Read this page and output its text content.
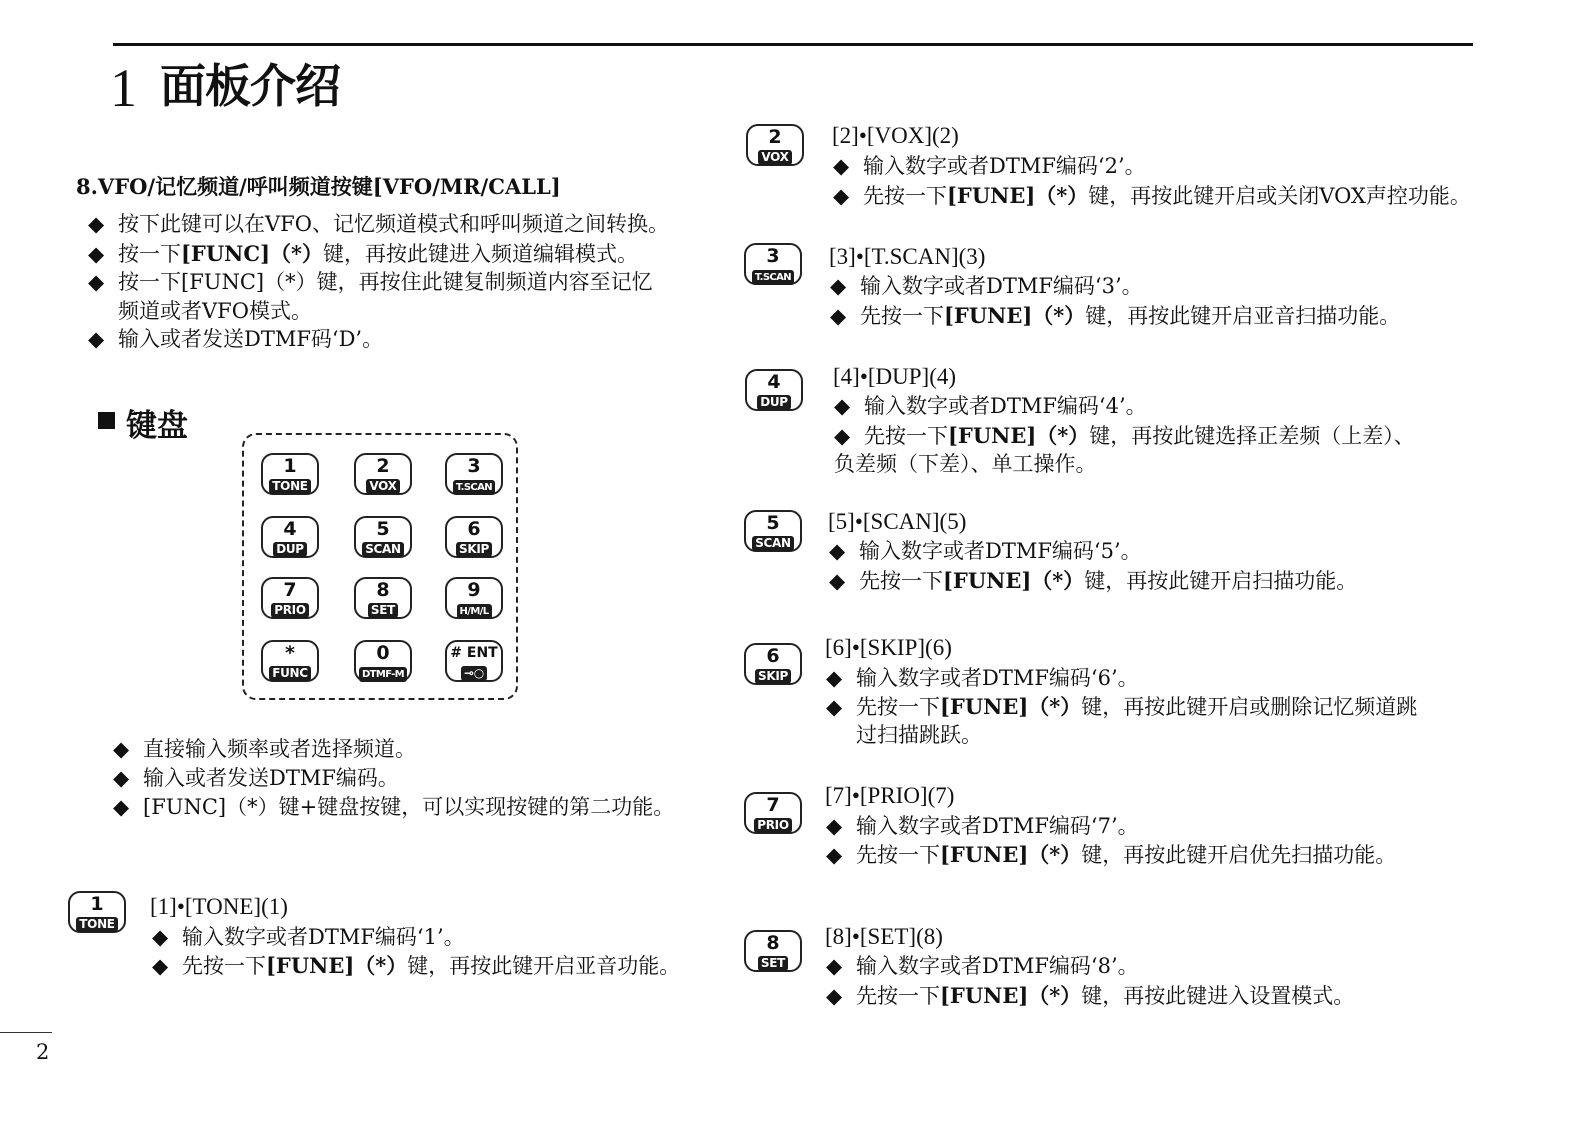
1 面板介绍
8.VFO/记忆频道/呼叫频道按键[VFO/MR/CALL]
◆ 按下此键可以在VFO、记忆频道模式和呼叫频道之间转换。
◆ 按一下[FUNC]（*）键，再按此键进入频道编辑模式。
◆ 按一下[FUNC]（*）键，再按住此键复制频道内容至记忆
频道或者VFO模式。
◆ 输入或者发送DTMF码‘D’。
键盘
1
TONE
2
VOX
3
T.SCAN
4
DUP
5
SCAN
6
SKIP
7
PRIO
8
SET
9
H/M/L
*
FUNC
0
DTMF-M
# ENT
⊸○
◆ 直接输入频率或者选择频道。
◆ 输入或者发送DTMF编码。
◆ [FUNC]（*）键+键盘按键，可以实现按键的第二功能。
1
TONE
[1]•[TONE](1)
◆ 输入数字或者DTMF编码‘1’。
◆ 先按一下[FUNE]（*）键，再按此键开启亚音功能。
2
VOX
[2]•[VOX](2)
◆ 输入数字或者DTMF编码‘2’。
◆ 先按一下[FUNE]（*）键，再按此键开启或关闭VOX声控功能。
3
T.SCAN
[3]•[T.SCAN](3)
◆ 输入数字或者DTMF编码‘3’。
◆ 先按一下[FUNE]（*）键，再按此键开启亚音扫描功能。
4
DUP
[4]•[DUP](4)
◆ 输入数字或者DTMF编码‘4’。
◆ 先按一下[FUNE]（*）键，再按此键选择正差频（上差）、
负差频（下差）、单工操作。
5
SCAN
[5]•[SCAN](5)
◆ 输入数字或者DTMF编码‘5’。
◆ 先按一下[FUNE]（*）键，再按此键开启扫描功能。
6
SKIP
[6]•[SKIP](6)
◆ 输入数字或者DTMF编码‘6’。
◆ 先按一下[FUNE]（*）键，再按此键开启或删除记忆频道跳
过扫描跳跃。
7
PRIO
[7]•[PRIO](7)
◆ 输入数字或者DTMF编码‘7’。
◆ 先按一下[FUNE]（*）键，再按此键开启优先扫描功能。
8
SET
[8]•[SET](8)
◆ 输入数字或者DTMF编码‘8’。
◆ 先按一下[FUNE]（*）键，再按此键进入设置模式。
2
